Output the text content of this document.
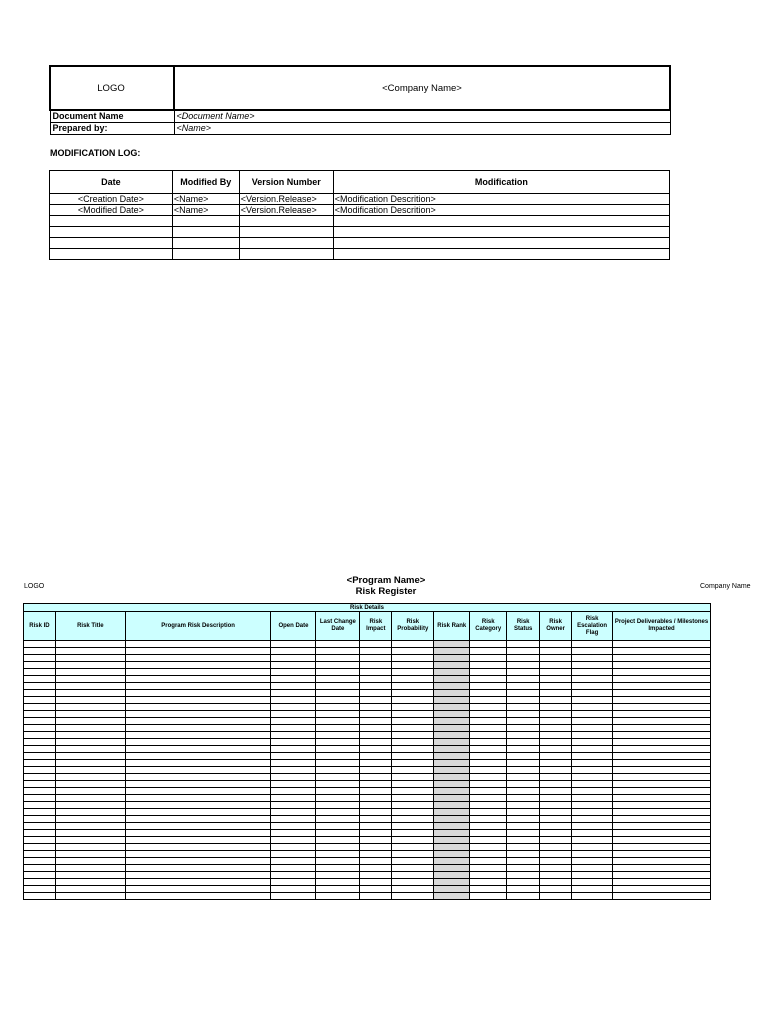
LOGO	<Company Name>
Document Name	<Document Name>
Prepared by:	<Name>
MODIFICATION LOG:
Date	Modified By	Version Number	Modification
<Creation Date>	<Name>	<Version.Release>	<Modification Descrition>
<Modified Date>	<Name>	<Version.Release>	<Modification Descrition>

LOGO
<Program Name>
Risk Register	Company Name
Risk Details												
Risk ID	Risk Title	Program Risk Description	Open Date	Last Change Date	Risk Impact	Risk Probability	Risk Rank	Risk Category	Risk Status	Risk Owner	Risk Escalation Flag	Project Deliverables / Milestones Impacted
